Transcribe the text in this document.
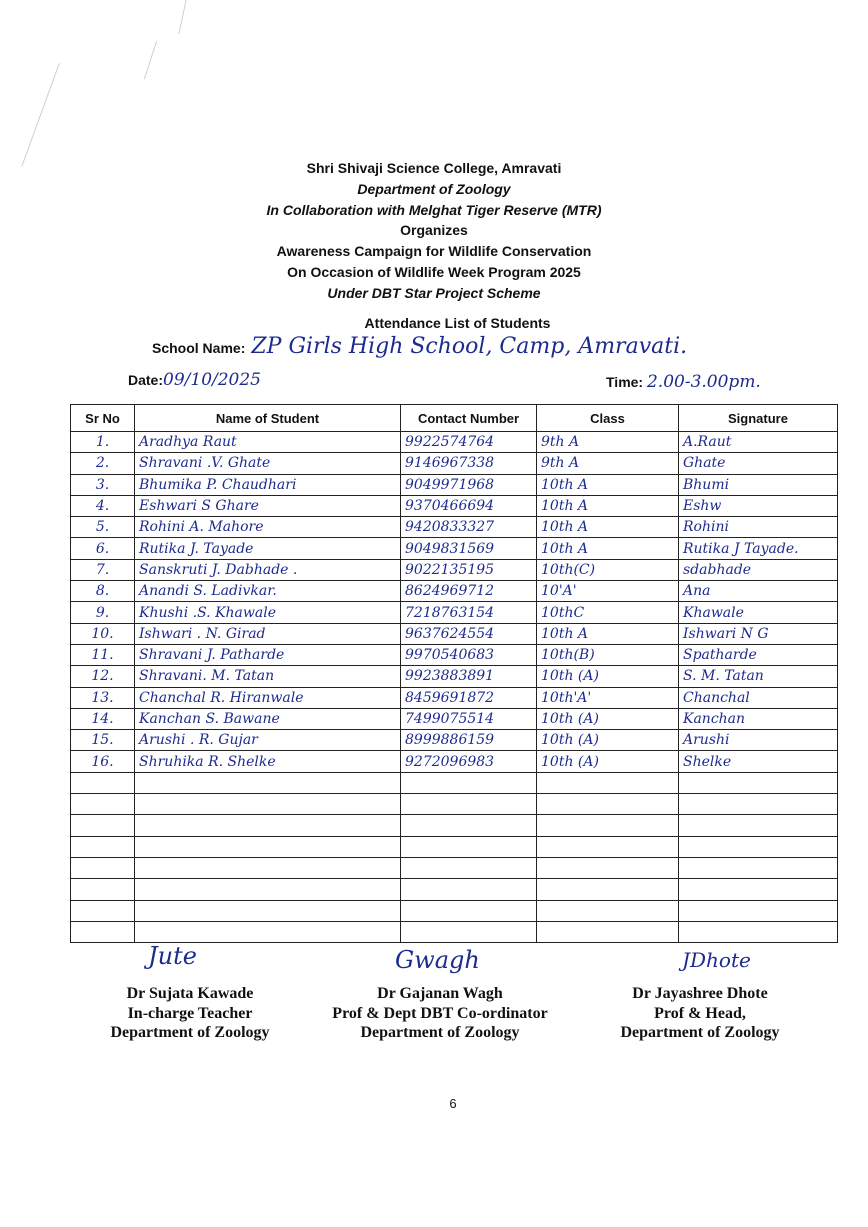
Shri Shivaji Science College, Amravati
Department of Zoology
In Collaboration with Melghat Tiger Reserve (MTR)
Organizes
Awareness Campaign for Wildlife Conservation
On Occasion of Wildlife Week Program 2025
Under DBT Star Project Scheme
Attendance List of Students
School Name: ZP Girls High School, Camp, Amravati.
Date:09/10/2025	Time: 2.00-3.00pm.
Sr No	Name of Student	Contact Number	Class	Signature
1.	Aradhya Raut	9922574764	9th A	A.Raut
2.	Shravani .V. Ghate	9146967338	9th A	Ghate
3.	Bhumika P. Chaudhari	9049971968	10th A	Bhumi
4.	Eshwari S Ghare	9370466694	10th A	Eshw
5.	Rohini A. Mahore	9420833327	10th A	Rohini
6.	Rutika J. Tayade	9049831569	10th A	Rutika J Tayade.
7.	Sanskruti J. Dabhade .	9022135195	10th(C)	sdabhade
8.	Anandi S. Ladivkar.	8624969712	10'A'	Ana
9.	Khushi .S. Khawale	7218763154	10thC	Khawale
10.	Ishwari . N. Girad	9637624554	10th A	Ishwari N G
11.	Shravani J. Patharde	9970540683	10th(B)	Spatharde
12.	Shravani. M. Tatan	9923883891	10th (A)	S. M. Tatan
13.	Chanchal R. Hiranwale	8459691872	10th'A'	Chanchal
14.	Kanchan S. Bawane	7499075514	10th (A)	Kanchan
15.	Arushi . R. Gujar	8999886159	10th (A)	Arushi
16.	Shruhika R. Shelke	9272096983	10th (A)	Shelke

Jute	Gwagh	JDhote
Dr Sujata Kawade
In-charge Teacher
Department of Zoology
Dr Gajanan Wagh
Prof & Dept DBT Co-ordinator
Department of Zoology
Dr Jayashree Dhote
Prof & Head,
Department of Zoology
6
